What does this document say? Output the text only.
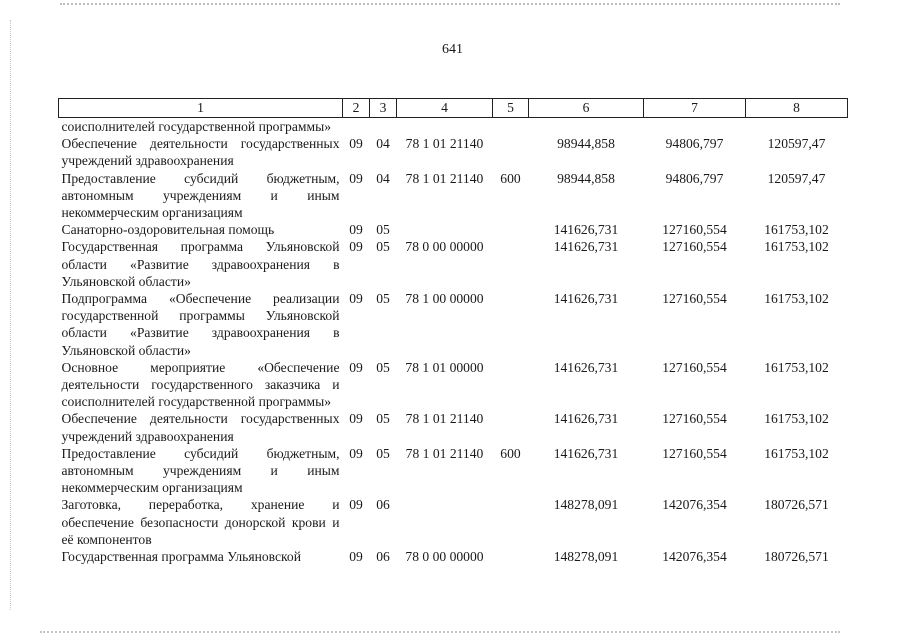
641
1	2	3	4	5	6	7	8
соисполнителей государственной программы»							
Обеспечение деятельности государственных учреждений здравоохранения	09	04	78 1 01 21140		98944,858	94806,797	120597,47
Предоставление субсидий бюджетным, автономным учреждениям и иным некоммерческим организациям	09	04	78 1 01 21140	600	98944,858	94806,797	120597,47
Санаторно-оздоровительная помощь	09	05			141626,731	127160,554	161753,102
Государственная программа Ульяновской области «Развитие здравоохранения в Ульяновской области»	09	05	78 0 00 00000		141626,731	127160,554	161753,102
Подпрограмма «Обеспечение реализации государственной программы Ульяновской области «Развитие здравоохранения в Ульяновской области»	09	05	78 1 00 00000		141626,731	127160,554	161753,102
Основное мероприятие «Обеспечение деятельности государственного заказчика и соисполнителей государственной программы»	09	05	78 1 01 00000		141626,731	127160,554	161753,102
Обеспечение деятельности государственных учреждений здравоохранения	09	05	78 1 01 21140		141626,731	127160,554	161753,102
Предоставление субсидий бюджетным, автономным учреждениям и иным некоммерческим организациям	09	05	78 1 01 21140	600	141626,731	127160,554	161753,102
Заготовка, переработка, хранение и обеспечение безопасности донорской крови и её компонентов	09	06			148278,091	142076,354	180726,571
Государственная программа Ульяновской	09	06	78 0 00 00000		148278,091	142076,354	180726,571
